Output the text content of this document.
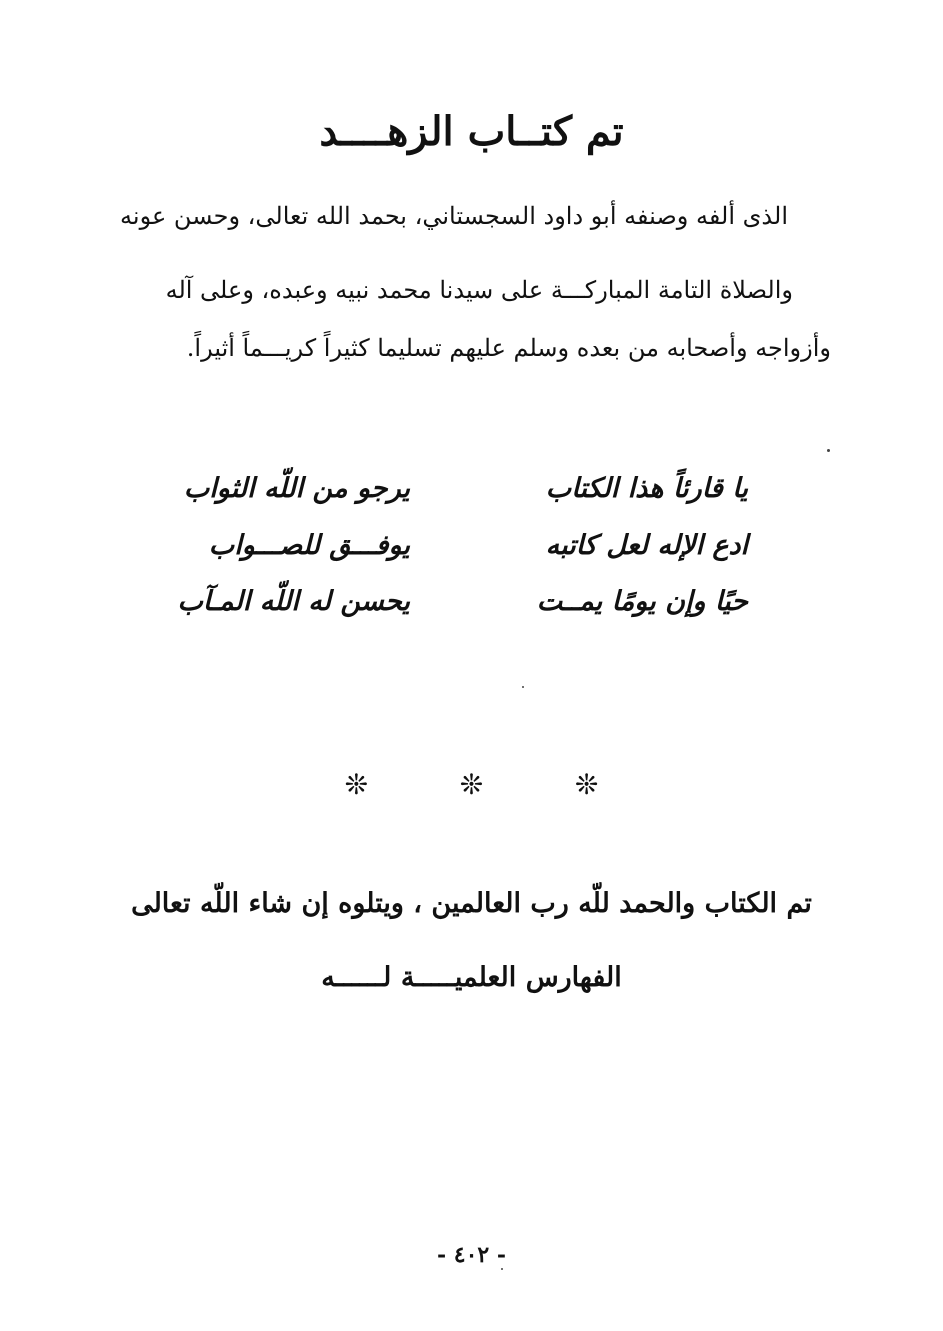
تم كتــاب الزهــــد
الذى ألفه وصنفه أبو داود السجستاني، بحمد الله تعالى، وحسن عونه
والصلاة التامة المباركـــة على سيدنا محمد نبيه وعبده، وعلى آله
وأزواجه وأصحابه من بعده وسلم عليهم تسليما كثيراً كريـــماً أثيراً.
يا قارئاً هذا الكتاب
يرجو من اللّه الثواب
ادع الإله لعل كاتبه
يوفـــق للصـــواب
حيًا وإن يومًا يمــت
يحسن له اللّه المـآب
❊	❊	❊
تم الكتاب والحمد للّه رب العالمين ، ويتلوه إن شاء اللّه تعالى
الفهارس العلميـــــة لــــــه
- ٤٠٢ -
